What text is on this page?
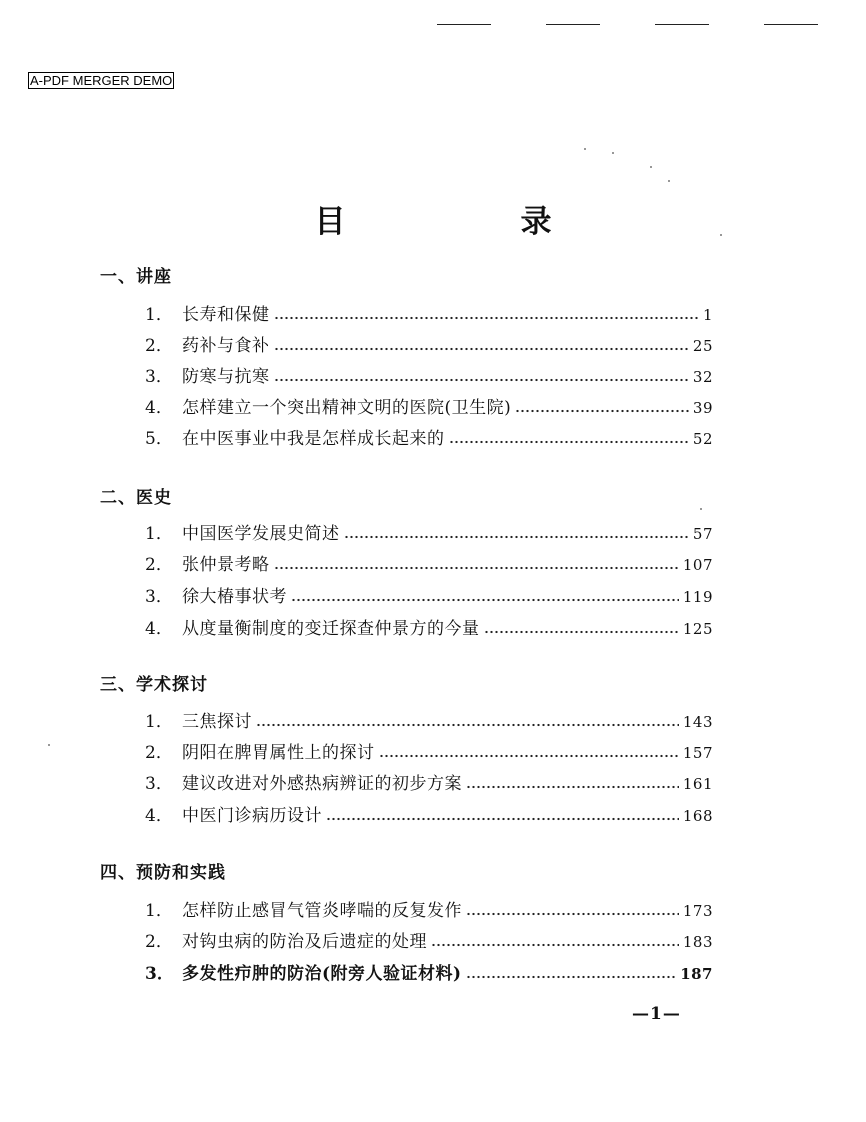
A-PDF MERGER DEMO
目　录
一、讲座
1． 长寿和保健	1
2． 药补与食补	25
3． 防寒与抗寒	32
4． 怎样建立一个突出精神文明的医院(卫生院)	39
5． 在中医事业中我是怎样成长起来的	52
二、医史
1． 中国医学发展史简述	57
2． 张仲景考略	107
3． 徐大椿事状考	119
4． 从度量衡制度的变迁探查仲景方的今量	125
三、学术探讨
1． 三焦探讨	143
2． 阴阳在脾胃属性上的探讨	157
3． 建议改进对外感热病辨证的初步方案	161
4． 中医门诊病历设计	168
四、预防和实践
1． 怎样防止感冒气管炎哮喘的反复发作	173
2． 对钩虫病的防治及后遗症的处理	183
3． 多发性疖肿的防治(附旁人验证材料)	187
—1—
